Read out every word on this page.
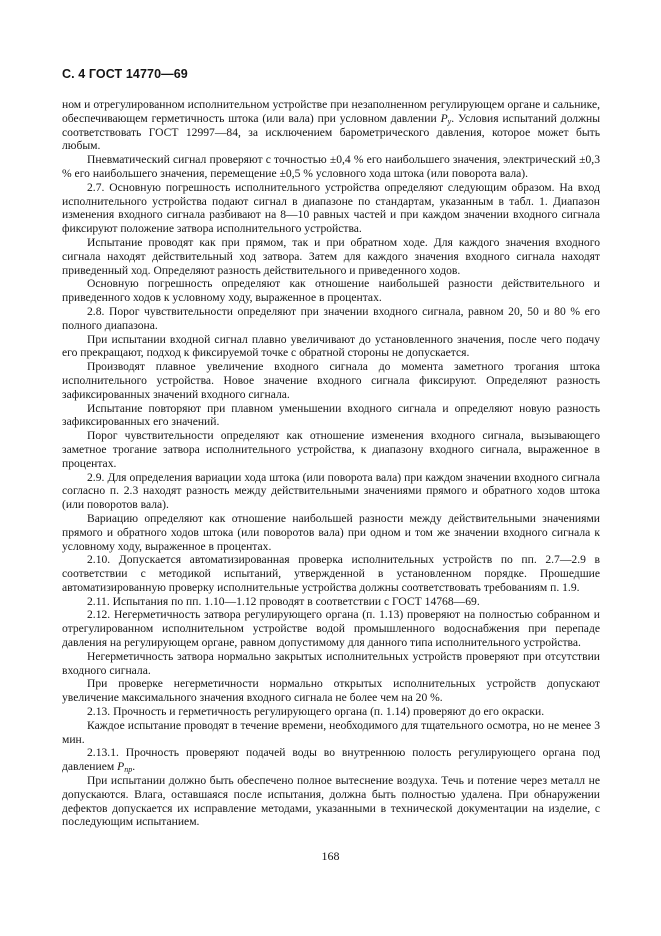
С. 4 ГОСТ 14770—69

ном и отрегулированном исполнительном устройстве при незаполненном регулирующем органе и сальнике, обеспечивающем герметичность штока (или вала) при условном давлении $P_y$. Условия испытаний должны соответствовать ГОСТ 12997—84, за исключением барометрического давления, которое может быть любым.

Пневматический сигнал проверяют с точностью ±0,4 % его наибольшего значения, электрический ±0,3 % его наибольшего значения, перемещение ±0,5 % условного хода штока (или поворота вала).

2.7. Основную погрешность исполнительного устройства определяют следующим образом. На вход исполнительного устройства подают сигнал в диапазоне по стандартам, указанным в табл. 1. Диапазон изменения входного сигнала разбивают на 8—10 равных частей и при каждом значении входного сигнала фиксируют положение затвора исполнительного устройства.

Испытание проводят как при прямом, так и при обратном ходе. Для каждого значения входного сигнала находят действительный ход затвора. Затем для каждого значения входного сигнала находят приведенный ход. Определяют разность действительного и приведенного ходов.

Основную погрешность определяют как отношение наибольшей разности действительного и приведенного ходов к условному ходу, выраженное в процентах.

2.8. Порог чувствительности определяют при значении входного сигнала, равном 20, 50 и 80 % его полного диапазона.

При испытании входной сигнал плавно увеличивают до установленного значения, после чего подачу его прекращают, подход к фиксируемой точке с обратной стороны не допускается.

Производят плавное увеличение входного сигнала до момента заметного трогания штока исполнительного устройства. Новое значение входного сигнала фиксируют. Определяют разность зафиксированных значений входного сигнала.

Испытание повторяют при плавном уменьшении входного сигнала и определяют новую разность зафиксированных его значений.

Порог чувствительности определяют как отношение изменения входного сигнала, вызывающего заметное трогание затвора исполнительного устройства, к диапазону входного сигнала, выраженное в процентах.

2.9. Для определения вариации хода штока (или поворота вала) при каждом значении входного сигнала согласно п. 2.3 находят разность между действительными значениями прямого и обратного ходов штока (или поворотов вала).

Вариацию определяют как отношение наибольшей разности между действительными значениями прямого и обратного ходов штока (или поворотов вала) при одном и том же значении входного сигнала к условному ходу, выраженное в процентах.

2.10. Допускается автоматизированная проверка исполнительных устройств по пп. 2.7—2.9 в соответствии с методикой испытаний, утвержденной в установленном порядке. Прошедшие автоматизированную проверку исполнительные устройства должны соответствовать требованиям п. 1.9.

2.11. Испытания по пп. 1.10—1.12 проводят в соответствии с ГОСТ 14768—69.

2.12. Негерметичность затвора регулирующего органа (п. 1.13) проверяют на полностью собранном и отрегулированном исполнительном устройстве водой промышленного водоснабжения при перепаде давления на регулирующем органе, равном допустимому для данного типа исполнительного устройства.

Негерметичность затвора нормально закрытых исполнительных устройств проверяют при отсутствии входного сигнала.

При проверке негерметичности нормально открытых исполнительных устройств допускают увеличение максимального значения входного сигнала не более чем на 20 %.

2.13. Прочность и герметичность регулирующего органа (п. 1.14) проверяют до его окраски.

Каждое испытание проводят в течение времени, необходимого для тщательного осмотра, но не менее 3 мин.

2.13.1. Прочность проверяют подачей воды во внутреннюю полость регулирующего органа под давлением $P_{пр}$.

При испытании должно быть обеспечено полное вытеснение воздуха. Течь и потение через металл не допускаются. Влага, оставшаяся после испытания, должна быть полностью удалена. При обнаружении дефектов допускается их исправление методами, указанными в технической документации на изделие, с последующим испытанием.

168
